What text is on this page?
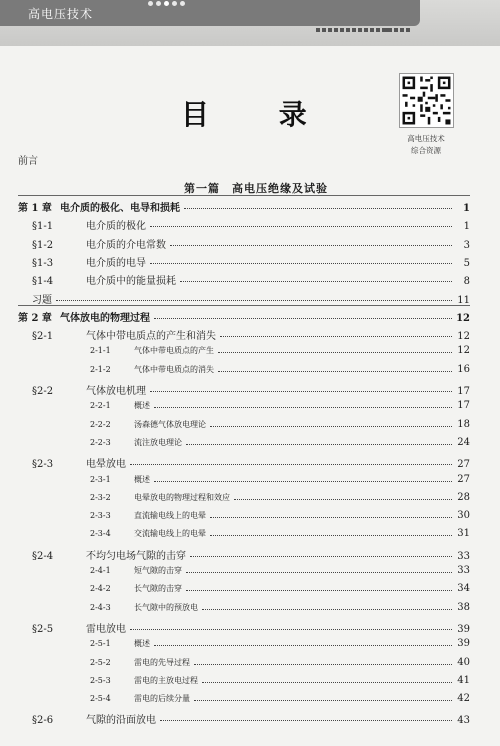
高电压技术
目 录
高电压技术
综合资源
前言
第一篇　高电压绝缘及试验
第 1 章 电介质的极化、电导和损耗	1
§1-1	电介质的极化	1
§1-2	电介质的介电常数	3
§1-3	电介质的电导	5
§1-4	电介质中的能量损耗	8
习题	11
第 2 章 气体放电的物理过程	12
§2-1	气体中带电质点的产生和消失	12
2-1-1	气体中带电质点的产生	12
2-1-2	气体中带电质点的消失	16
§2-2	气体放电机理	17
2-2-1	概述	17
2-2-2	汤森德气体放电理论	18
2-2-3	流注放电理论	24
§2-3	电晕放电	27
2-3-1	概述	27
2-3-2	电晕放电的物理过程和效应	28
2-3-3	直流输电线上的电晕	30
2-3-4	交流输电线上的电晕	31
§2-4	不均匀电场气隙的击穿	33
2-4-1	短气隙的击穿	33
2-4-2	长气隙的击穿	34
2-4-3	长气隙中的预放电	38
§2-5	雷电放电	39
2-5-1	概述	39
2-5-2	雷电的先导过程	40
2-5-3	雷电的主放电过程	41
2-5-4	雷电的后续分量	42
§2-6	气隙的沿面放电	43
